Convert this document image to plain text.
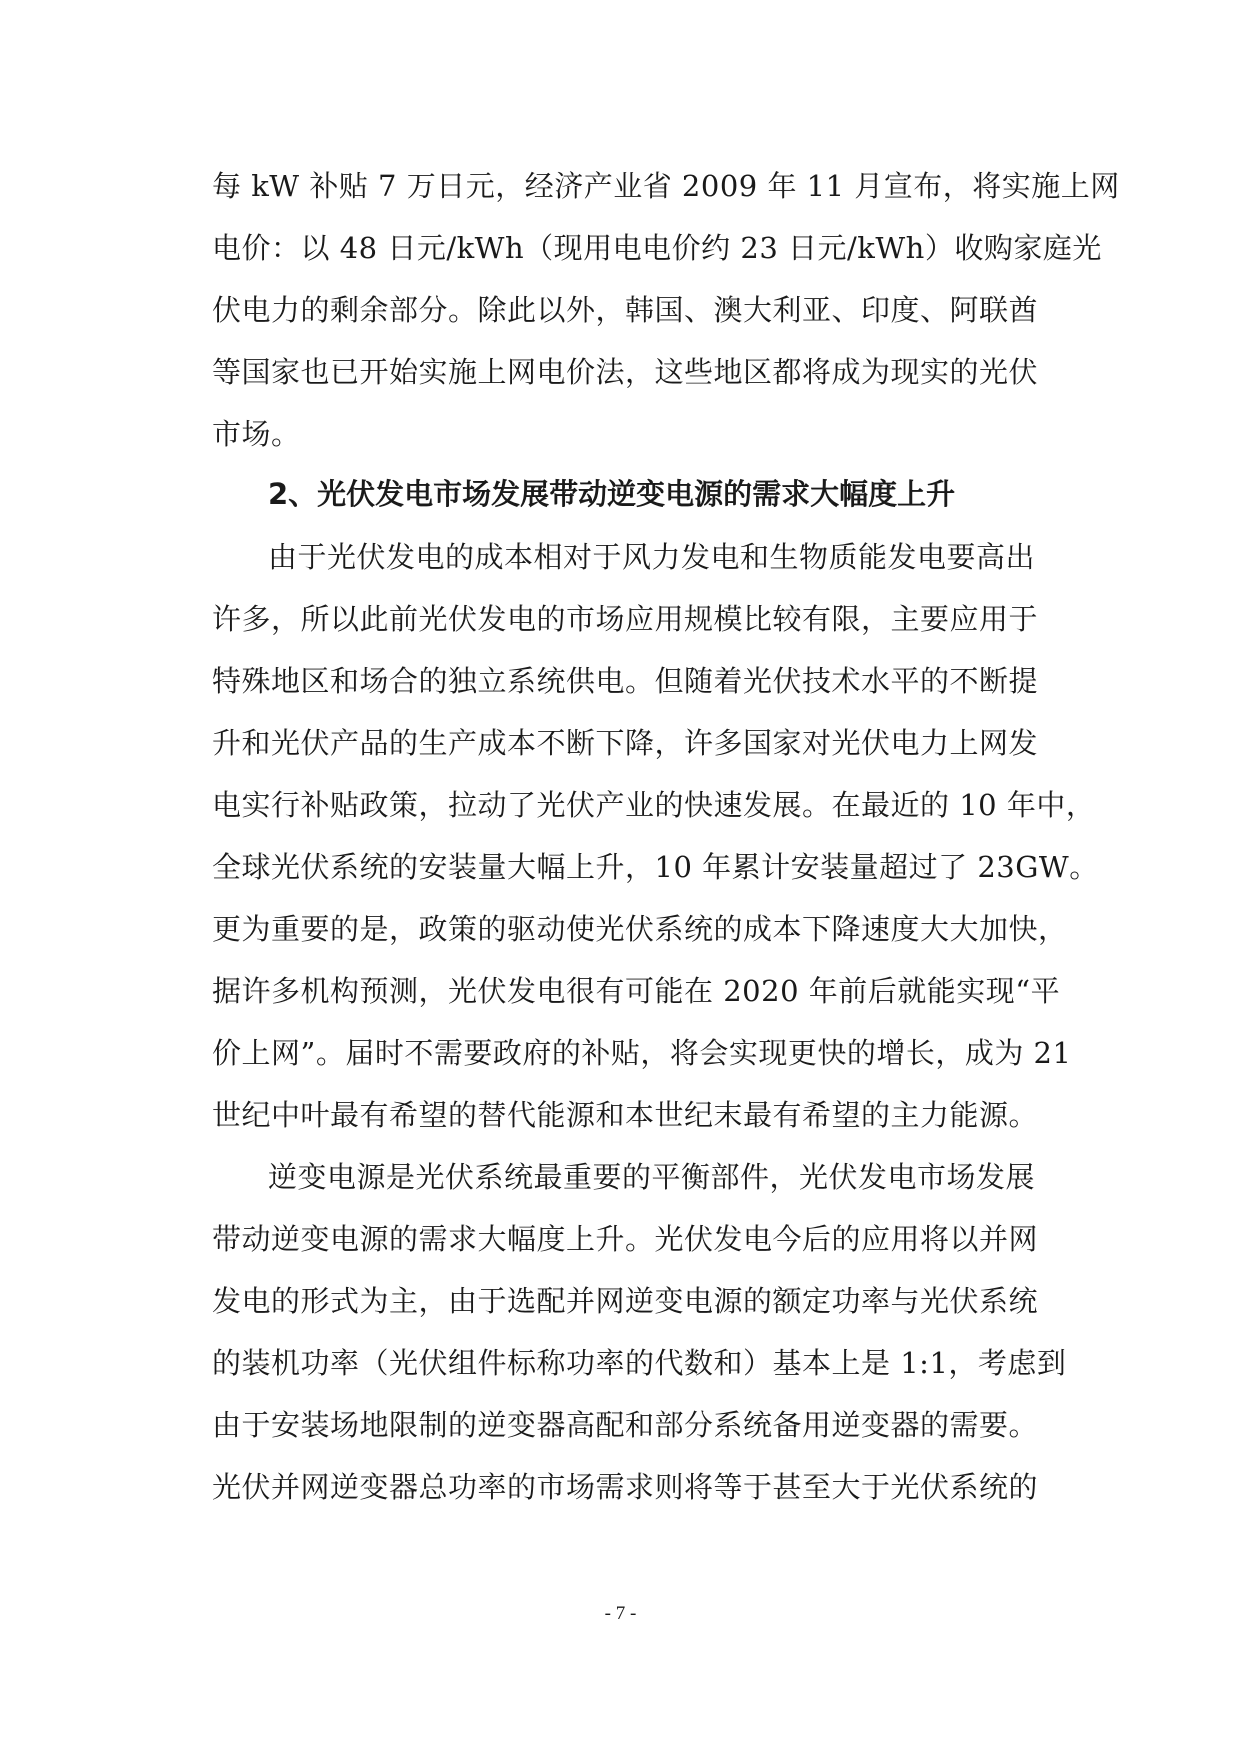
每 kW 补贴 7 万日元，经济产业省 2009 年 11 月宣布，将实施上网
电价：以 48 日元/kWh（现用电电价约 23 日元/kWh）收购家庭光
伏电力的剩余部分。除此以外，韩国、澳大利亚、印度、阿联酋
等国家也已开始实施上网电价法，这些地区都将成为现实的光伏
市场。
2、光伏发电市场发展带动逆变电源的需求大幅度上升
由于光伏发电的成本相对于风力发电和生物质能发电要高出
许多，所以此前光伏发电的市场应用规模比较有限，主要应用于
特殊地区和场合的独立系统供电。但随着光伏技术水平的不断提
升和光伏产品的生产成本不断下降，许多国家对光伏电力上网发
电实行补贴政策，拉动了光伏产业的快速发展。在最近的 10 年中，
全球光伏系统的安装量大幅上升，10 年累计安装量超过了 23GW。
更为重要的是，政策的驱动使光伏系统的成本下降速度大大加快，
据许多机构预测，光伏发电很有可能在 2020 年前后就能实现“平
价上网”。届时不需要政府的补贴，将会实现更快的增长，成为 21
世纪中叶最有希望的替代能源和本世纪末最有希望的主力能源。
逆变电源是光伏系统最重要的平衡部件，光伏发电市场发展
带动逆变电源的需求大幅度上升。光伏发电今后的应用将以并网
发电的形式为主，由于选配并网逆变电源的额定功率与光伏系统
的装机功率（光伏组件标称功率的代数和）基本上是 1:1，考虑到
由于安装场地限制的逆变器高配和部分系统备用逆变器的需要。
光伏并网逆变器总功率的市场需求则将等于甚至大于光伏系统的
- 7 -
